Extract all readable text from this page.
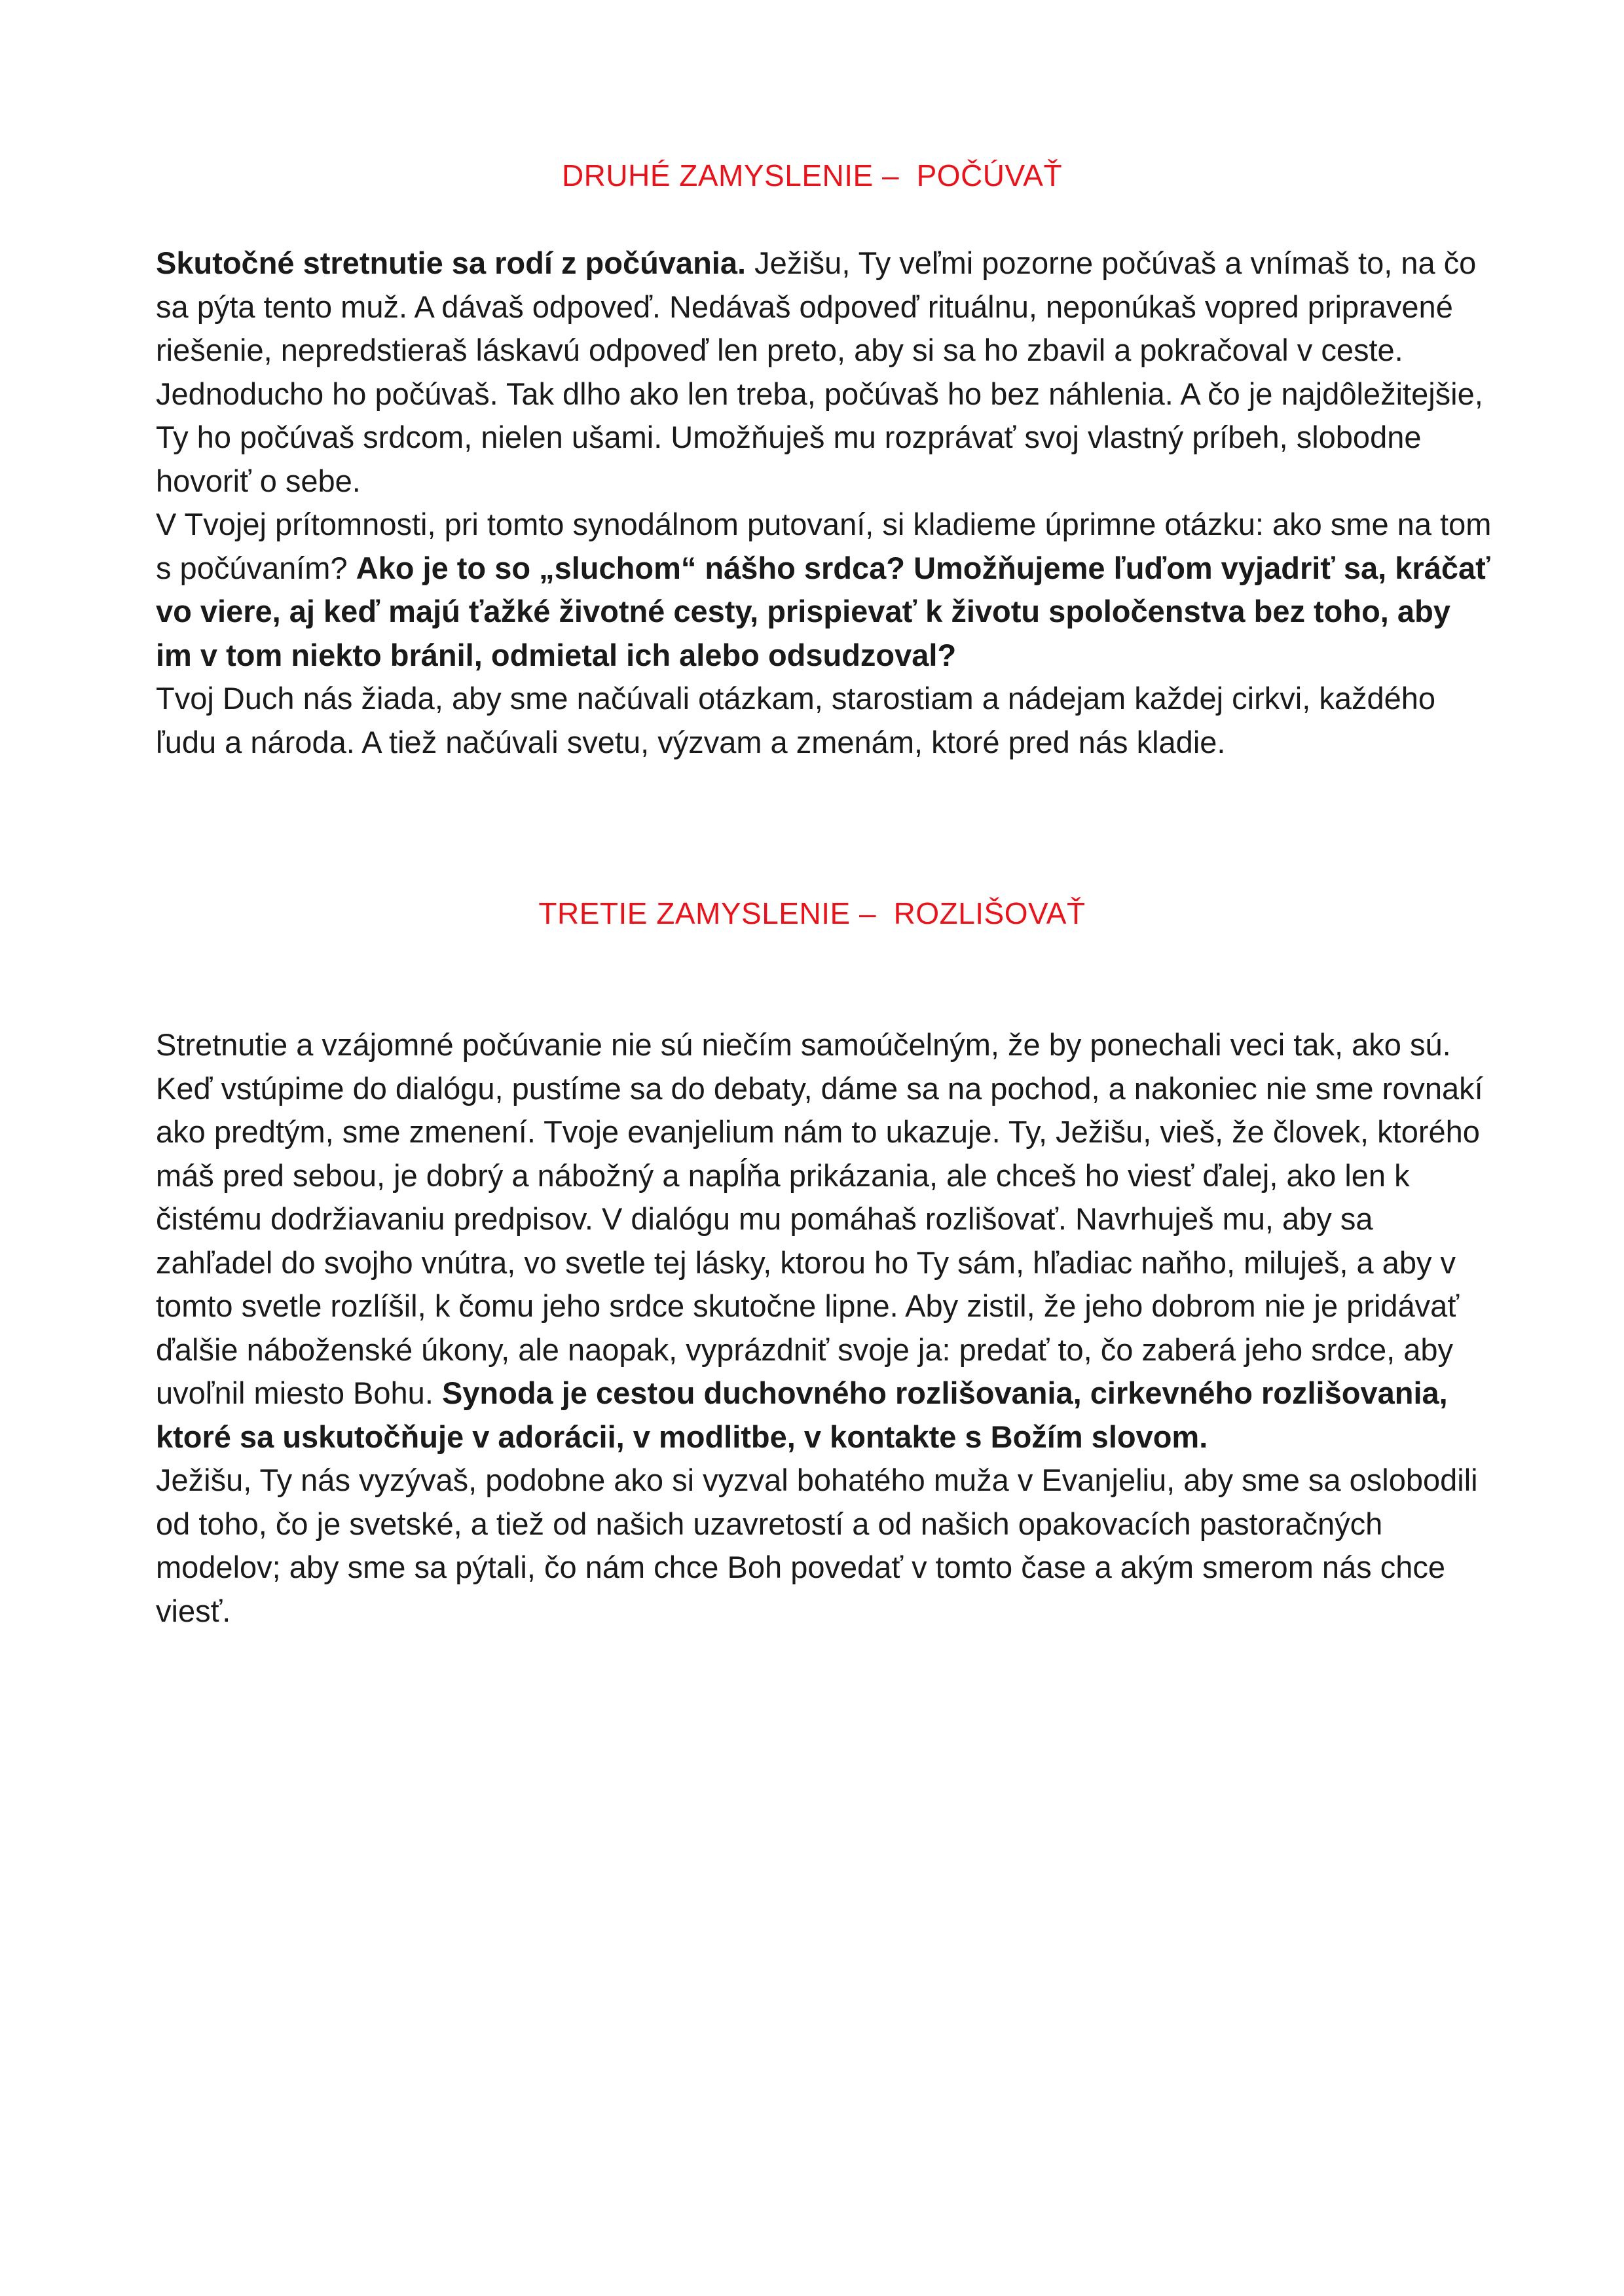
DRUHÉ ZAMYSLENIE –  POČÚVAŤ

Skutočné stretnutie sa rodí z počúvania. Ježišu, Ty veľmi pozorne počúvaš a vnímaš to, na čo sa pýta tento muž. A dávaš odpoveď. Nedávaš odpoveď rituálnu, neponúkaš vopred pripravené riešenie, nepredstieraš láskavú odpoveď len preto, aby si sa ho zbavil a pokračoval v ceste. Jednoducho ho počúvaš. Tak dlho ako len treba, počúvaš ho bez náhlenia. A čo je najdôležitejšie, Ty ho počúvaš srdcom, nielen ušami. Umožňuješ mu rozprávať svoj vlastný príbeh, slobodne hovoriť o sebe.

V Tvojej prítomnosti, pri tomto synodálnom putovaní, si kladieme úprimne otázku: ako sme na tom s počúvaním? Ako je to so „sluchom“ nášho srdca? Umožňujeme ľuďom vyjadriť sa, kráčať vo viere, aj keď majú ťažké životné cesty, prispievať k životu spoločenstva bez toho, aby im v tom niekto bránil, odmietal ich alebo odsudzoval?

Tvoj Duch nás žiada, aby sme načúvali otázkam, starostiam a nádejam každej cirkvi, každého ľudu a národa. A tiež načúvali svetu, výzvam a zmenám, ktoré pred nás kladie.

TRETIE ZAMYSLENIE –  ROZLIŠOVAŤ

Stretnutie a vzájomné počúvanie nie sú niečím samoúčelným, že by ponechali veci tak, ako sú. Keď vstúpime do dialógu, pustíme sa do debaty, dáme sa na pochod, a nakoniec nie sme rovnakí ako predtým, sme zmenení. Tvoje evanjelium nám to ukazuje. Ty, Ježišu, vieš, že človek, ktorého máš pred sebou, je dobrý a nábožný a napĺňa prikázania, ale chceš ho viesť ďalej, ako len k čistému dodržiavaniu predpisov. V dialógu mu pomáhaš rozlišovať. Navrhuješ mu, aby sa zahľadel do svojho vnútra, vo svetle tej lásky, ktorou ho Ty sám, hľadiac naňho, miluješ, a aby v tomto svetle rozlíšil, k čomu jeho srdce skutočne lipne. Aby zistil, že jeho dobrom nie je pridávať ďalšie náboženské úkony, ale naopak, vyprázdniť svoje ja: predať to, čo zaberá jeho srdce, aby uvoľnil miesto Bohu. Synoda je cestou duchovného rozlišovania, cirkevného rozlišovania, ktoré sa uskutočňuje v adorácii, v modlitbe, v kontakte s Božím slovom.

Ježišu, Ty nás vyzývaš, podobne ako si vyzval bohatého muža v Evanjeliu, aby sme sa oslobodili od toho, čo je svetské, a tiež od našich uzavretostí a od našich opakovacích pastoračných modelov; aby sme sa pýtali, čo nám chce Boh povedať v tomto čase a akým smerom nás chce viesť.
